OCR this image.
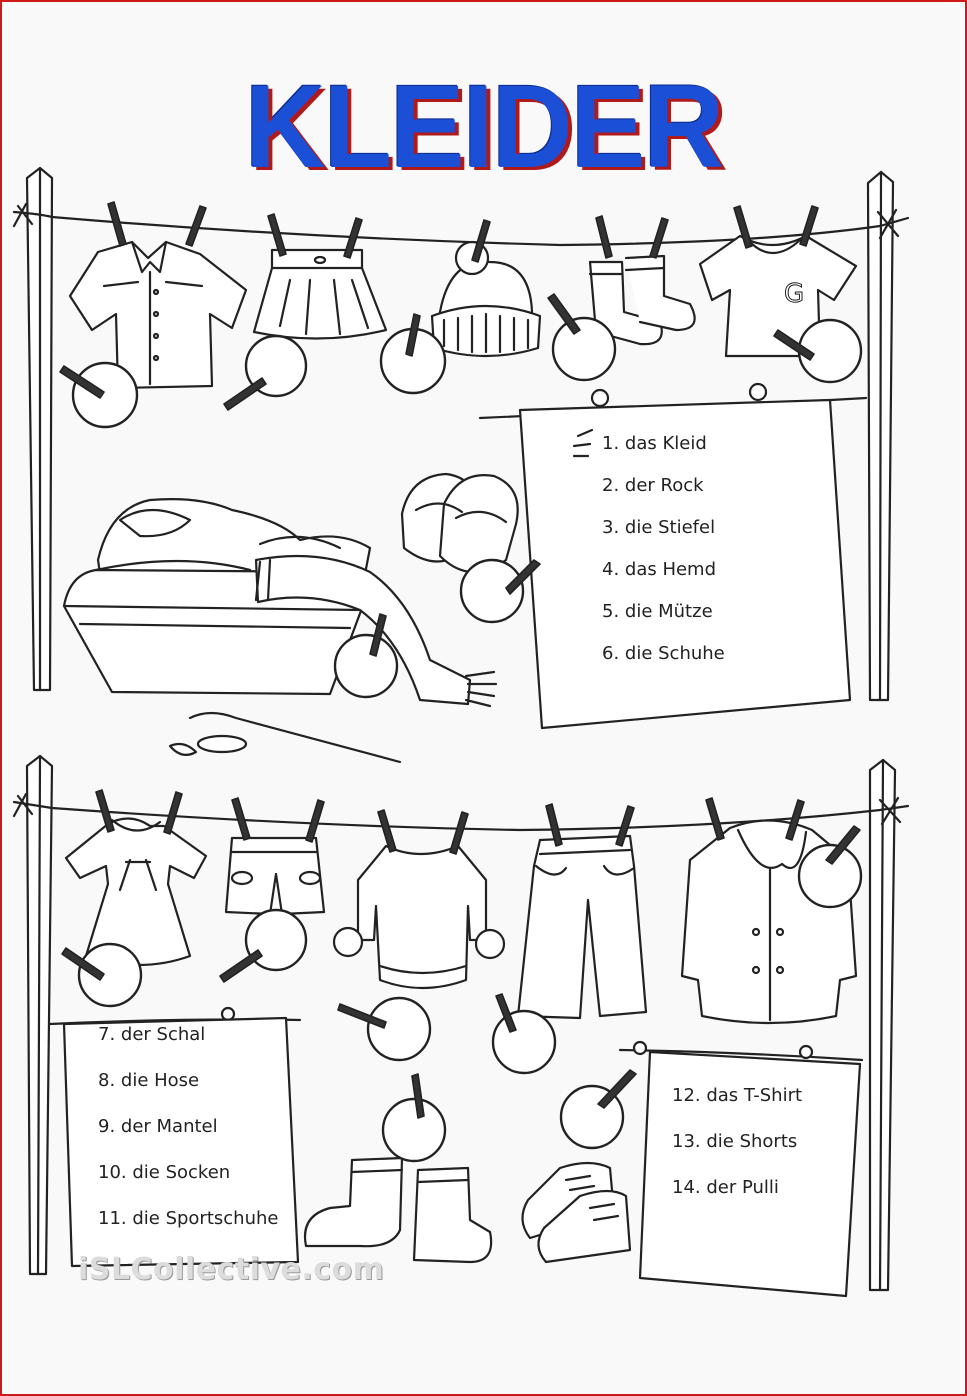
KLEIDER
G
1. das Kleid
2. der Rock
3. die Stiefel
4. das Hemd
5. die Mütze
6. die Schuhe
7. der Schal
8. die Hose
9. der Mantel
10. die Socken
11. die Sportschuhe
12. das T-Shirt
13. die Shorts
14. der Pulli
iSLCollective.com
